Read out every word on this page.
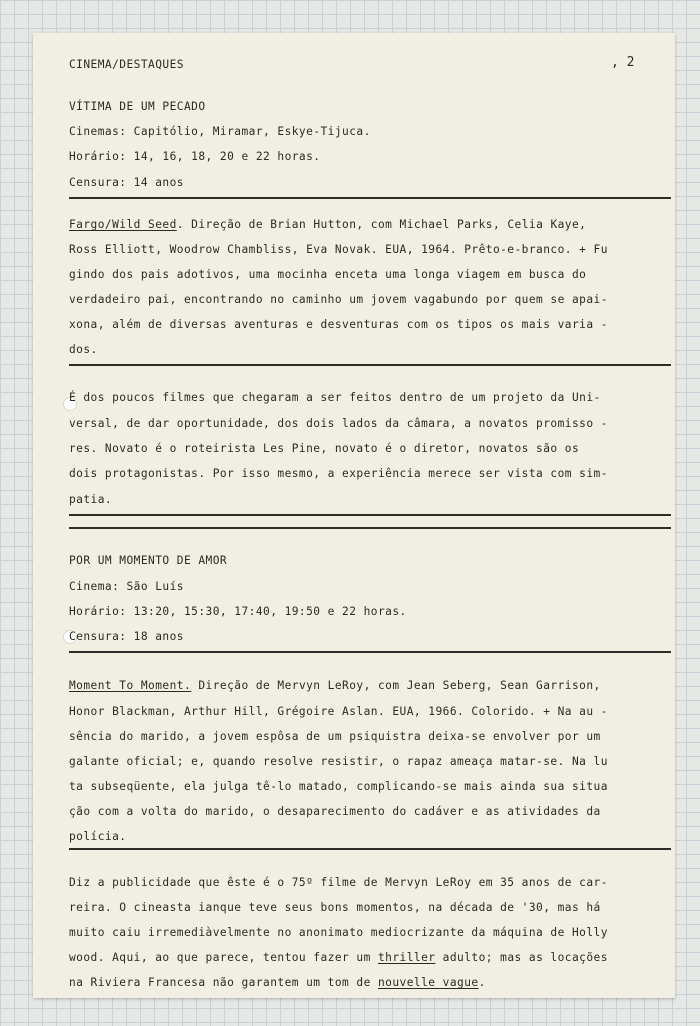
CINEMA/DESTAQUES	, 2

VÍTIMA DE UM PECADO

Cinemas: Capitólio, Miramar, Eskye-Tijuca.

Horário: 14, 16, 18, 20 e 22 horas.

Censura: 14 anos

Fargo/Wild Seed. Direção de Brian Hutton, com Michael Parks, Celia Kaye,

Ross Elliott, Woodrow Chambliss, Eva Novak. EUA, 1964. Prêto-e-branco. + Fu

gindo dos pais adotivos, uma mocinha enceta uma longa viagem em busca do

verdadeiro pai, encontrando no caminho um jovem vagabundo por quem se apai-

xona, além de diversas aventuras e desventuras com os tipos os mais varia -

dos.

É dos poucos filmes que chegaram a ser feitos dentro de um projeto da Uni-

versal, de dar oportunidade, dos dois lados da câmara, a novatos promisso -

res. Novato é o roteirista Les Pine, novato é o diretor, novatos são os

dois protagonistas. Por isso mesmo, a experiência merece ser vista com sim-

patia.

POR UM MOMENTO DE AMOR

Cinema: São Luís

Horário: 13:20, 15:30, 17:40, 19:50 e 22 horas.

Censura: 18 anos

Moment To Moment. Direção de Mervyn LeRoy, com Jean Seberg, Sean Garrison,

Honor Blackman, Arthur Hill, Grégoire Aslan. EUA, 1966. Colorido. + Na au -

sência do marido, a jovem espôsa de um psiquistra deixa-se envolver por um

galante oficial; e, quando resolve resistir, o rapaz ameaça matar-se. Na lu

ta subseqüente, ela julga tê-lo matado, complicando-se mais ainda sua situa

ção com a volta do marido, o desaparecimento do cadáver e as atividades da

polícia.

Diz a publicidade que êste é o 75º filme de Mervyn LeRoy em 35 anos de car-

reira. O cineasta ianque teve seus bons momentos, na década de '30, mas há

muito caiu irremediàvelmente no anonimato mediocrizante da máquina de Holly

wood. Aqui, ao que parece, tentou fazer um thriller adulto; mas as locações

na Riviera Francesa não garantem um tom de nouvelle vague.
